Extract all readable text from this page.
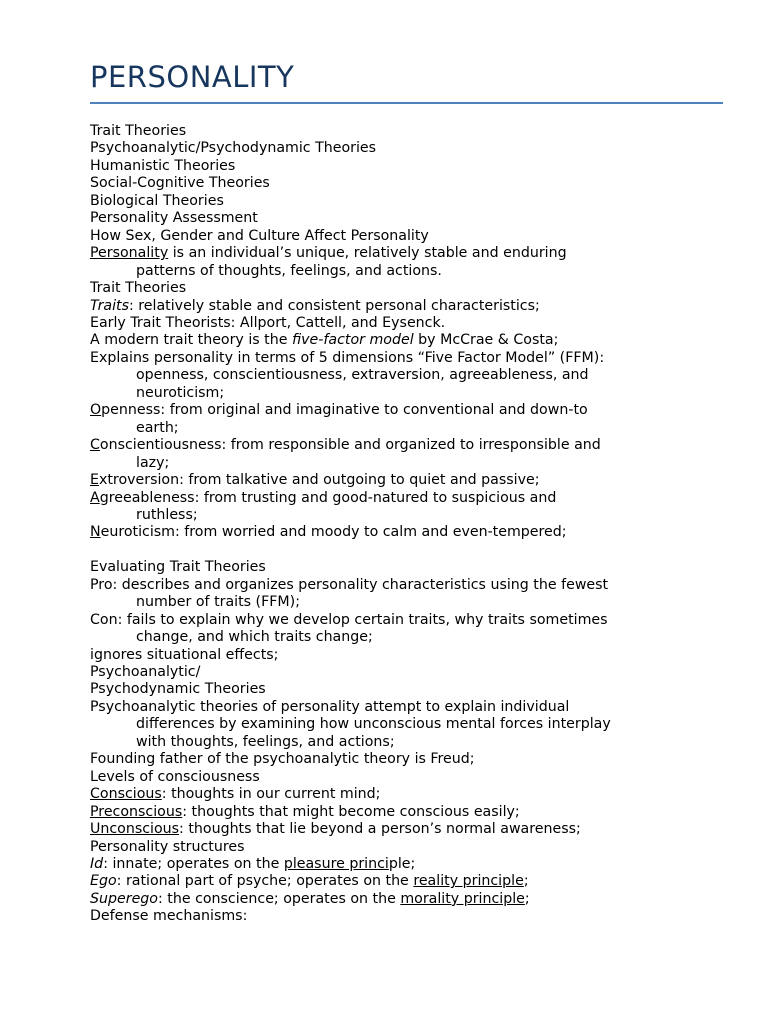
PERSONALITY
Trait Theories
Psychoanalytic/Psychodynamic Theories
Humanistic Theories
Social-Cognitive Theories
Biological Theories
Personality Assessment
How Sex, Gender and Culture Affect Personality
Personality is an individual’s unique, relatively stable and enduring
patterns of thoughts, feelings, and actions.
Trait Theories
Traits: relatively stable and consistent personal characteristics;
Early Trait Theorists: Allport, Cattell, and Eysenck.
A modern trait theory is the five-factor model by McCrae & Costa;
Explains personality in terms of 5 dimensions “Five Factor Model” (FFM):
openness, conscientiousness, extraversion, agreeableness, and
neuroticism;
Openness: from original and imaginative to conventional and down-to
earth;
Conscientiousness: from responsible and organized to irresponsible and
lazy;
Extroversion: from talkative and outgoing to quiet and passive;
Agreeableness: from trusting and good-natured to suspicious and
ruthless;
Neuroticism: from worried and moody to calm and even-tempered;
Evaluating Trait Theories
Pro: describes and organizes personality characteristics using the fewest
number of traits (FFM);
Con: fails to explain why we develop certain traits, why traits sometimes
change, and which traits change;
ignores situational effects;
Psychoanalytic/
Psychodynamic Theories
Psychoanalytic theories of personality attempt to explain individual
differences by examining how unconscious mental forces interplay
with thoughts, feelings, and actions;
Founding father of the psychoanalytic theory is Freud;
Levels of consciousness
Conscious: thoughts in our current mind;
Preconscious: thoughts that might become conscious easily;
Unconscious: thoughts that lie beyond a person’s normal awareness;
Personality structures
Id: innate; operates on the pleasure principle;
Ego: rational part of psyche; operates on the reality principle;
Superego: the conscience; operates on the morality principle;
Defense mechanisms:
